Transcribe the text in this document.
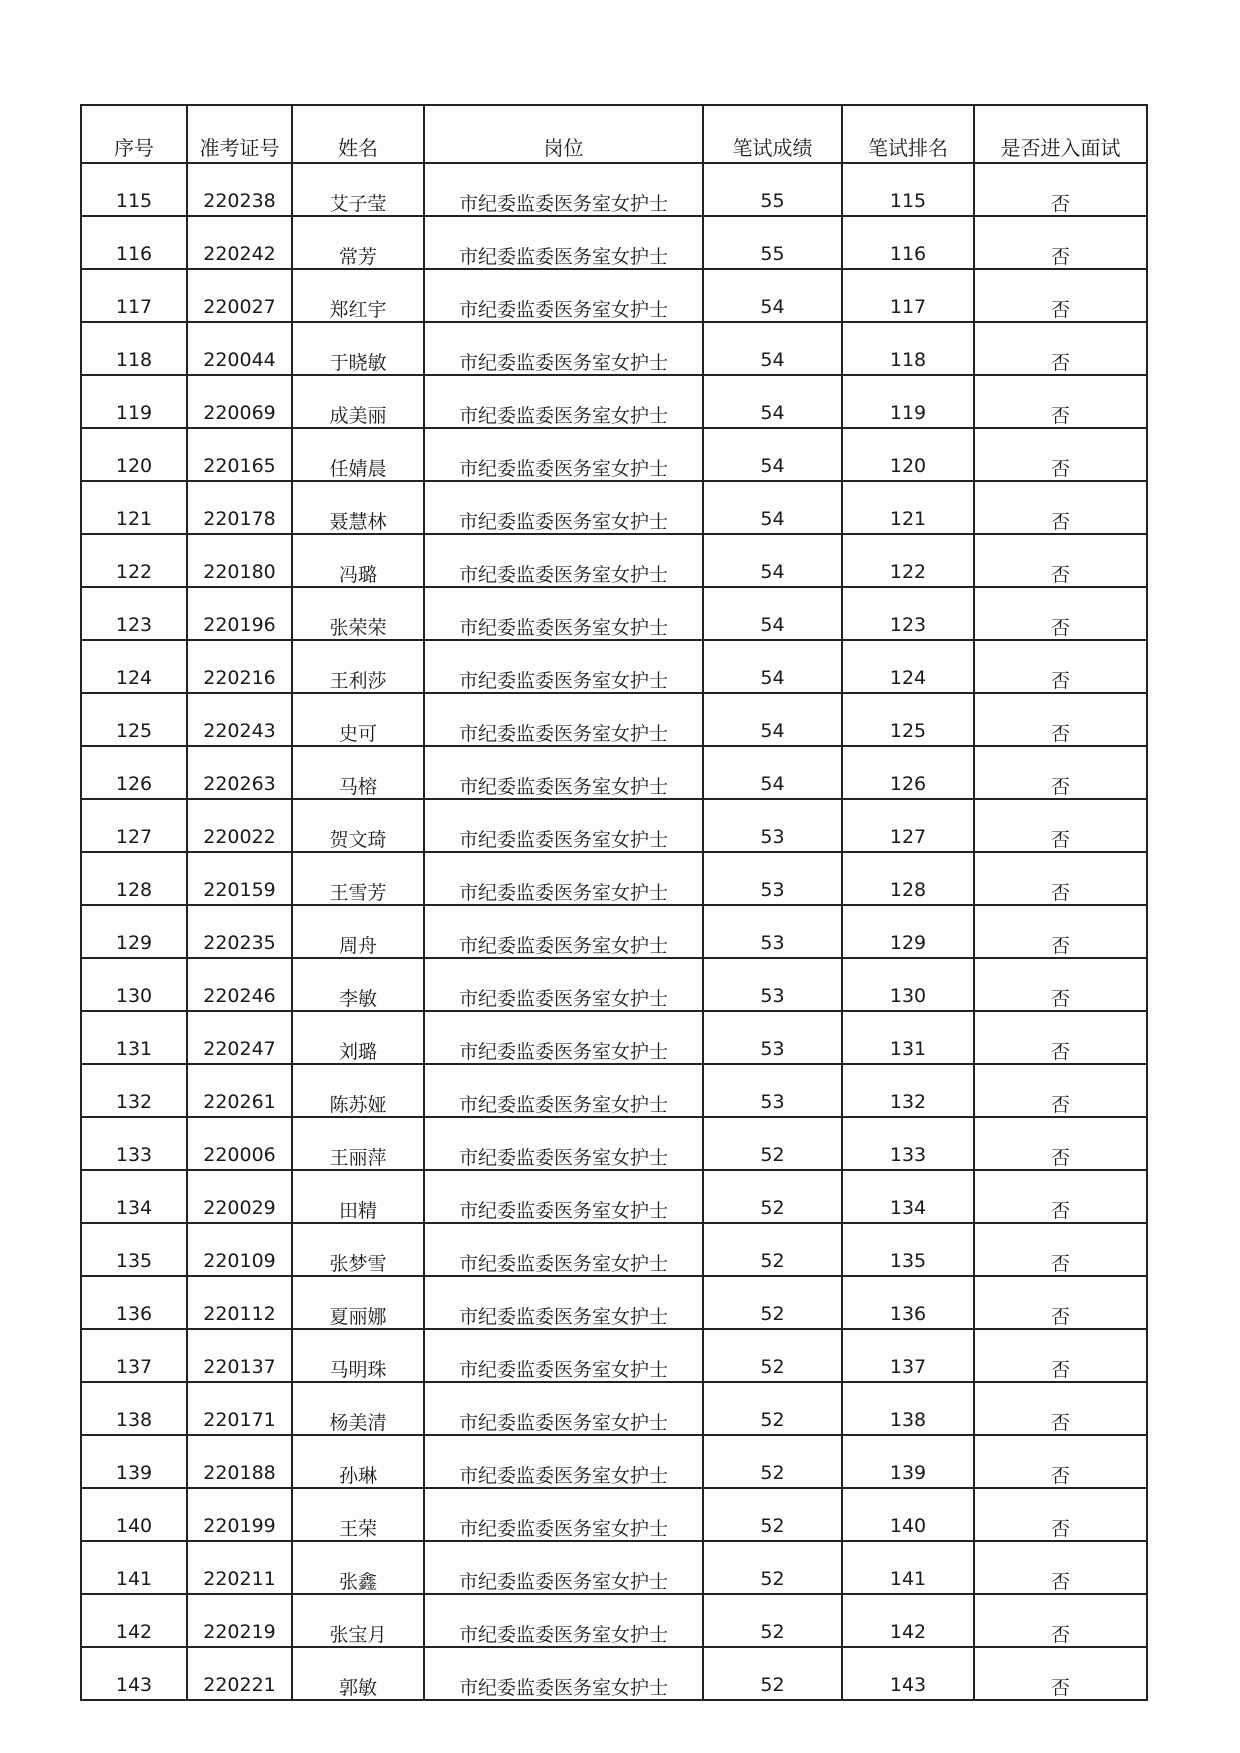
序号	准考证号	姓名	岗位	笔试成绩	笔试排名	是否进入面试
115	220238	艾子莹	市纪委监委医务室女护士	55	115	否
116	220242	常芳	市纪委监委医务室女护士	55	116	否
117	220027	郑红宇	市纪委监委医务室女护士	54	117	否
118	220044	于晓敏	市纪委监委医务室女护士	54	118	否
119	220069	成美丽	市纪委监委医务室女护士	54	119	否
120	220165	任婧晨	市纪委监委医务室女护士	54	120	否
121	220178	聂慧林	市纪委监委医务室女护士	54	121	否
122	220180	冯璐	市纪委监委医务室女护士	54	122	否
123	220196	张荣荣	市纪委监委医务室女护士	54	123	否
124	220216	王利莎	市纪委监委医务室女护士	54	124	否
125	220243	史可	市纪委监委医务室女护士	54	125	否
126	220263	马榕	市纪委监委医务室女护士	54	126	否
127	220022	贺文琦	市纪委监委医务室女护士	53	127	否
128	220159	王雪芳	市纪委监委医务室女护士	53	128	否
129	220235	周舟	市纪委监委医务室女护士	53	129	否
130	220246	李敏	市纪委监委医务室女护士	53	130	否
131	220247	刘璐	市纪委监委医务室女护士	53	131	否
132	220261	陈苏娅	市纪委监委医务室女护士	53	132	否
133	220006	王丽萍	市纪委监委医务室女护士	52	133	否
134	220029	田精	市纪委监委医务室女护士	52	134	否
135	220109	张梦雪	市纪委监委医务室女护士	52	135	否
136	220112	夏丽娜	市纪委监委医务室女护士	52	136	否
137	220137	马明珠	市纪委监委医务室女护士	52	137	否
138	220171	杨美清	市纪委监委医务室女护士	52	138	否
139	220188	孙琳	市纪委监委医务室女护士	52	139	否
140	220199	王荣	市纪委监委医务室女护士	52	140	否
141	220211	张鑫	市纪委监委医务室女护士	52	141	否
142	220219	张宝月	市纪委监委医务室女护士	52	142	否
143	220221	郭敏	市纪委监委医务室女护士	52	143	否
